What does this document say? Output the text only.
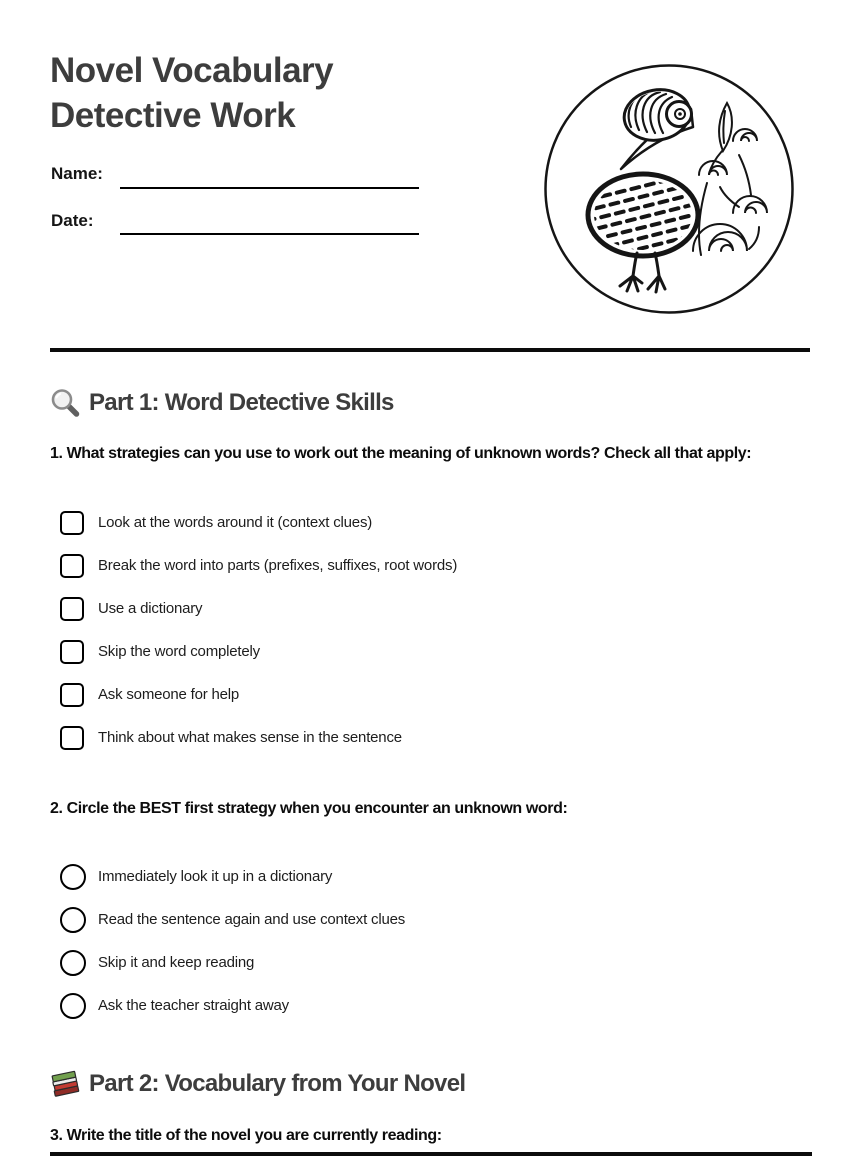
Novel Vocabulary Detective Work
Name:
Date:
Part 1: Word Detective Skills
1. What strategies can you use to work out the meaning of unknown words? Check all that apply:
Look at the words around it (context clues)
Break the word into parts (prefixes, suffixes, root words)
Use a dictionary
Skip the word completely
Ask someone for help
Think about what makes sense in the sentence
2. Circle the BEST first strategy when you encounter an unknown word:
Immediately look it up in a dictionary
Read the sentence again and use context clues
Skip it and keep reading
Ask the teacher straight away
Part 2: Vocabulary from Your Novel
3. Write the title of the novel you are currently reading:
